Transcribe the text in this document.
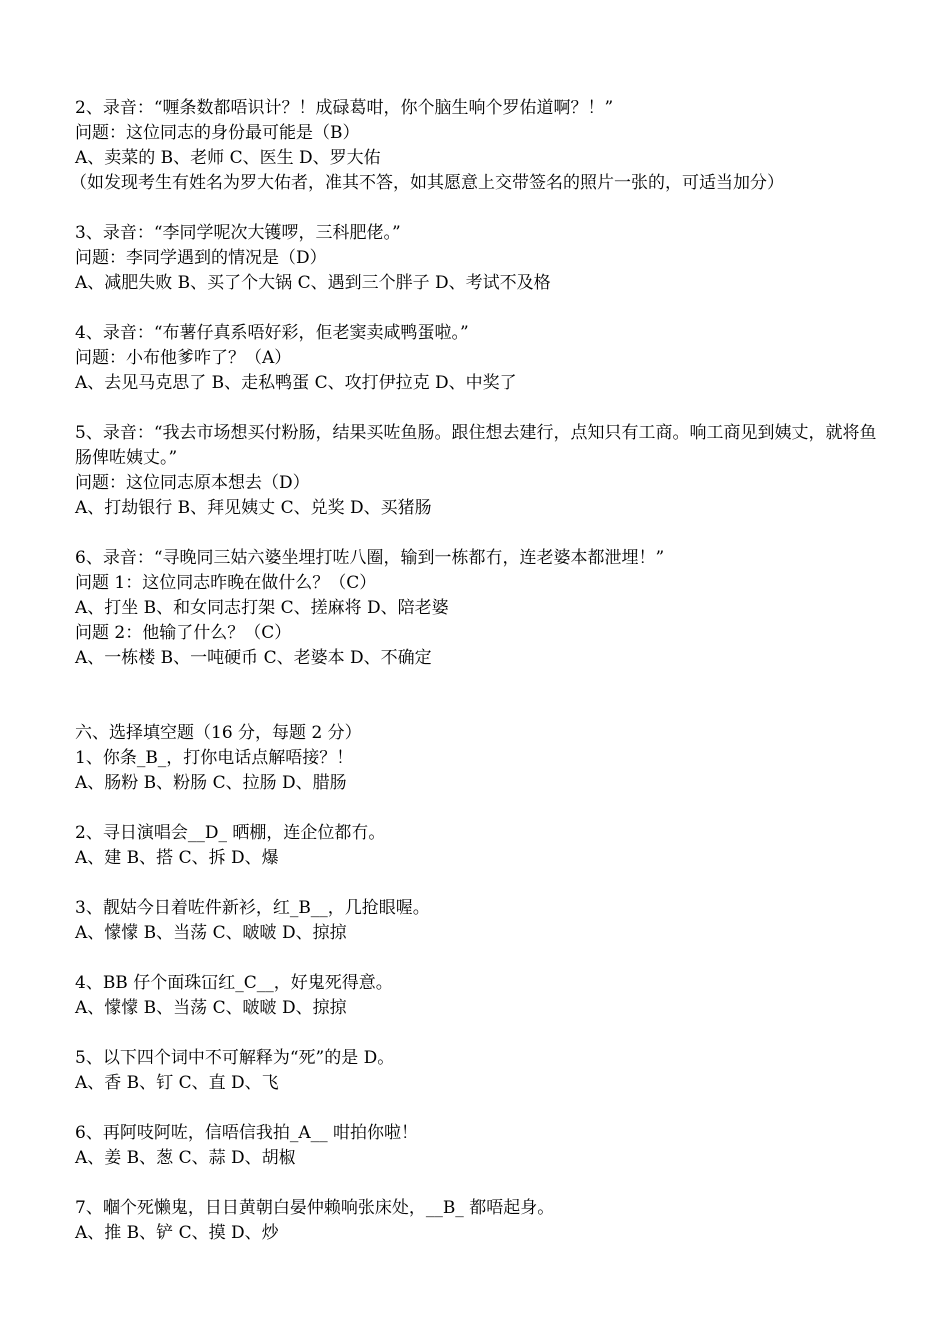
2、录音：“喱条数都唔识计？！成碌葛咁，你个脑生响个罗佑道啊？！”
问题：这位同志的身份最可能是（B）
A、卖菜的 B、老师 C、医生 D、罗大佑
（如发现考生有姓名为罗大佑者，准其不答，如其愿意上交带签名的照片一张的，可适当加分）
3、录音：“李同学呢次大镬啰，三科肥佬。”
问题：李同学遇到的情况是（D）
A、减肥失败 B、买了个大锅 C、遇到三个胖子 D、考试不及格
4、录音：“布薯仔真系唔好彩，佢老窦卖咸鸭蛋啦。”
问题：小布他爹咋了？（A）
A、去见马克思了 B、走私鸭蛋 C、攻打伊拉克 D、中奖了
5、录音：“我去市场想买付粉肠，结果买咗鱼肠。跟住想去建行，点知只有工商。响工商见到姨丈，就将鱼肠俾咗姨丈。”
问题：这位同志原本想去（D）
A、打劫银行 B、拜见姨丈 C、兑奖 D、买猪肠
6、录音：“寻晚同三姑六婆坐埋打咗八圈，输到一栋都冇，连老婆本都泄埋！”
问题 1：这位同志昨晚在做什么？（C）
A、打坐 B、和女同志打架 C、搓麻将 D、陪老婆
问题 2：他输了什么？（C）
A、一栋楼 B、一吨硬币 C、老婆本 D、不确定
六、选择填空题（16 分，每题 2 分）
1、你条_B_，打你电话点解唔接？！
A、肠粉 B、粉肠 C、拉肠 D、腊肠
2、寻日演唱会__D_ 晒棚，连企位都冇。
A、建 B、搭 C、拆 D、爆
3、靓姑今日着咗件新衫，红_B__，几抢眼喔。
A、懞懞 B、当荡 C、啵啵 D、掠掠
4、BB 仔个面珠冚红_C__，好鬼死得意。
A、懞懞 B、当荡 C、啵啵 D、掠掠
5、以下四个词中不可解释为“死”的是 D。
A、香 B、钉 C、直 D、飞
6、再阿吱阿咗，信唔信我拍_A__ 咁拍你啦！
A、姜 B、葱 C、蒜 D、胡椒
7、嗰个死懒鬼，日日黄朝白晏仲赖响张床处，__B_ 都唔起身。
A、推 B、铲 C、摸 D、炒
